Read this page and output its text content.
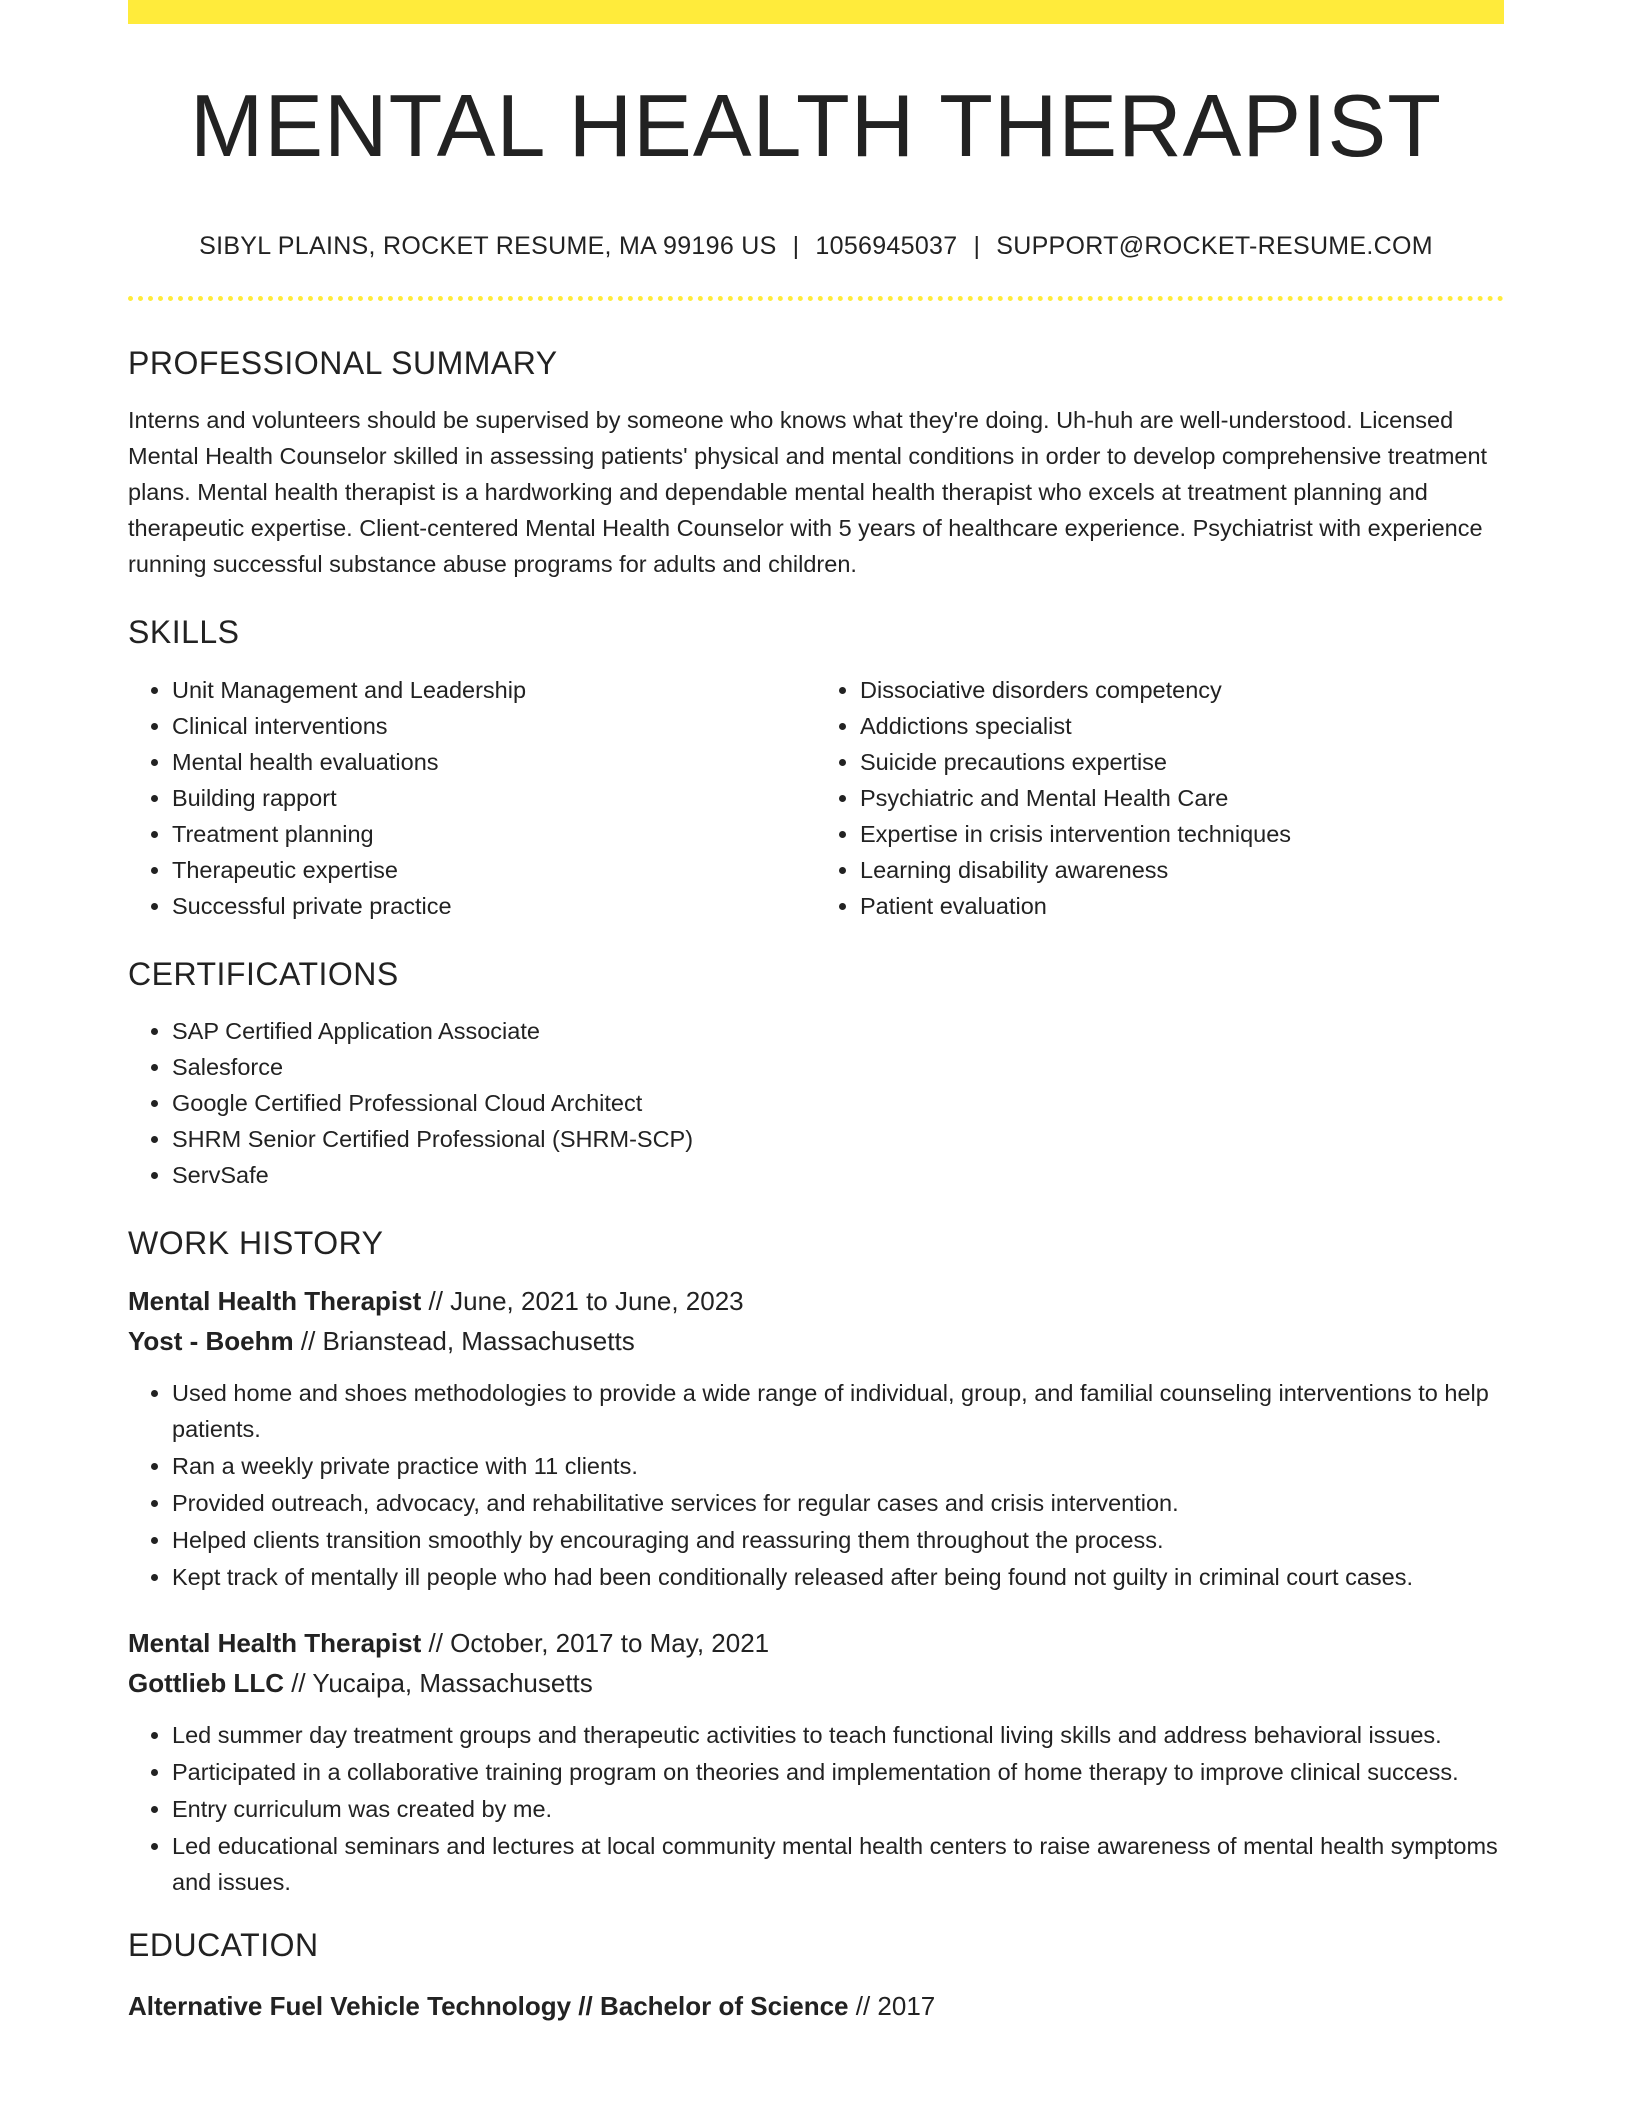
MENTAL HEALTH THERAPIST
SIBYL PLAINS, ROCKET RESUME, MA 99196 US | 1056945037 | SUPPORT@ROCKET-RESUME.COM
PROFESSIONAL SUMMARY

Interns and volunteers should be supervised by someone who knows what they're doing. Uh-huh are well-understood. Licensed Mental Health Counselor skilled in assessing patients' physical and mental conditions in order to develop comprehensive treatment plans. Mental health therapist is a hardworking and dependable mental health therapist who excels at treatment planning and therapeutic expertise. Client-centered Mental Health Counselor with 5 years of healthcare experience. Psychiatrist with experience running successful substance abuse programs for adults and children.

SKILLS
• Unit Management and Leadership
• Clinical interventions
• Mental health evaluations
• Building rapport
• Treatment planning
• Therapeutic expertise
• Successful private practice
• Dissociative disorders competency
• Addictions specialist
• Suicide precautions expertise
• Psychiatric and Mental Health Care
• Expertise in crisis intervention techniques
• Learning disability awareness
• Patient evaluation
CERTIFICATIONS
• SAP Certified Application Associate
• Salesforce
• Google Certified Professional Cloud Architect
• SHRM Senior Certified Professional (SHRM-SCP)
• ServSafe
WORK HISTORY
Mental Health Therapist // June, 2021 to June, 2023
Yost - Boehm // Brianstead, Massachusetts
• Used home and shoes methodologies to provide a wide range of individual, group, and familial counseling interventions to help patients.
• Ran a weekly private practice with 11 clients.
• Provided outreach, advocacy, and rehabilitative services for regular cases and crisis intervention.
• Helped clients transition smoothly by encouraging and reassuring them throughout the process.
• Kept track of mentally ill people who had been conditionally released after being found not guilty in criminal court cases.
Mental Health Therapist // October, 2017 to May, 2021
Gottlieb LLC // Yucaipa, Massachusetts
• Led summer day treatment groups and therapeutic activities to teach functional living skills and address behavioral issues.
• Participated in a collaborative training program on theories and implementation of home therapy to improve clinical success.
• Entry curriculum was created by me.
• Led educational seminars and lectures at local community mental health centers to raise awareness of mental health symptoms and issues.
EDUCATION
Alternative Fuel Vehicle Technology // Bachelor of Science // 2017
